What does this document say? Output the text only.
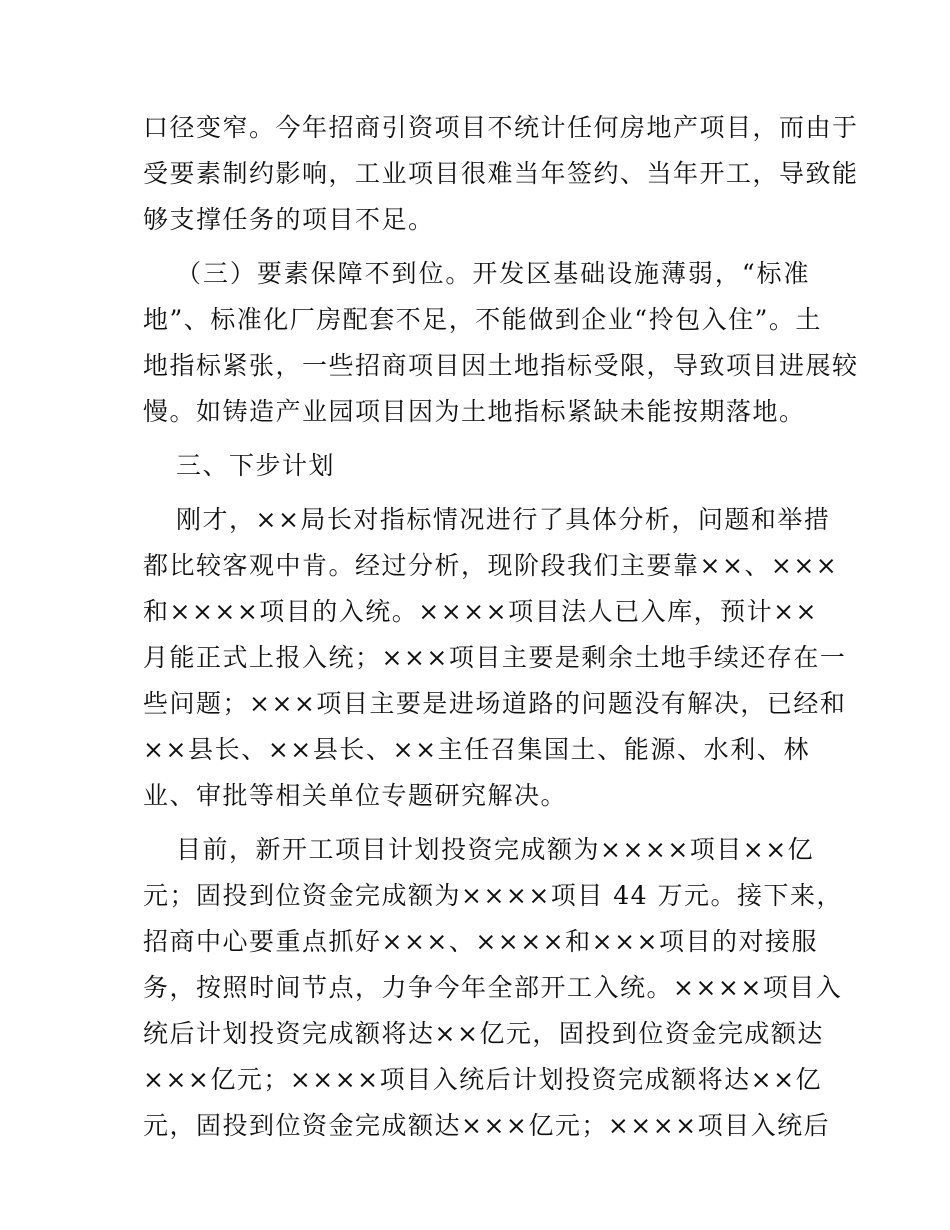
口径变窄。今年招商引资项目不统计任何房地产项目，而由于
受要素制约影响，工业项目很难当年签约、当年开工，导致能
够支撑任务的项目不足。
（三）要素保障不到位。开发区基础设施薄弱，“标准
地”、标准化厂房配套不足，不能做到企业“拎包入住”。土
地指标紧张，一些招商项目因土地指标受限，导致项目进展较
慢。如铸造产业园项目因为土地指标紧缺未能按期落地。
三、下步计划
刚才，××局长对指标情况进行了具体分析，问题和举措
都比较客观中肯。经过分析，现阶段我们主要靠××、×××
和××××项目的入统。××××项目法人已入库，预计××
月能正式上报入统；×××项目主要是剩余土地手续还存在一
些问题；×××项目主要是进场道路的问题没有解决，已经和
××县长、××县长、××主任召集国土、能源、水利、林
业、审批等相关单位专题研究解决。
目前，新开工项目计划投资完成额为××××项目××亿
元；固投到位资金完成额为××××项目 44 万元。接下来，
招商中心要重点抓好×××、××××和×××项目的对接服
务，按照时间节点，力争今年全部开工入统。××××项目入
统后计划投资完成额将达××亿元，固投到位资金完成额达
×××亿元；××××项目入统后计划投资完成额将达××亿
元，固投到位资金完成额达×××亿元；××××项目入统后
